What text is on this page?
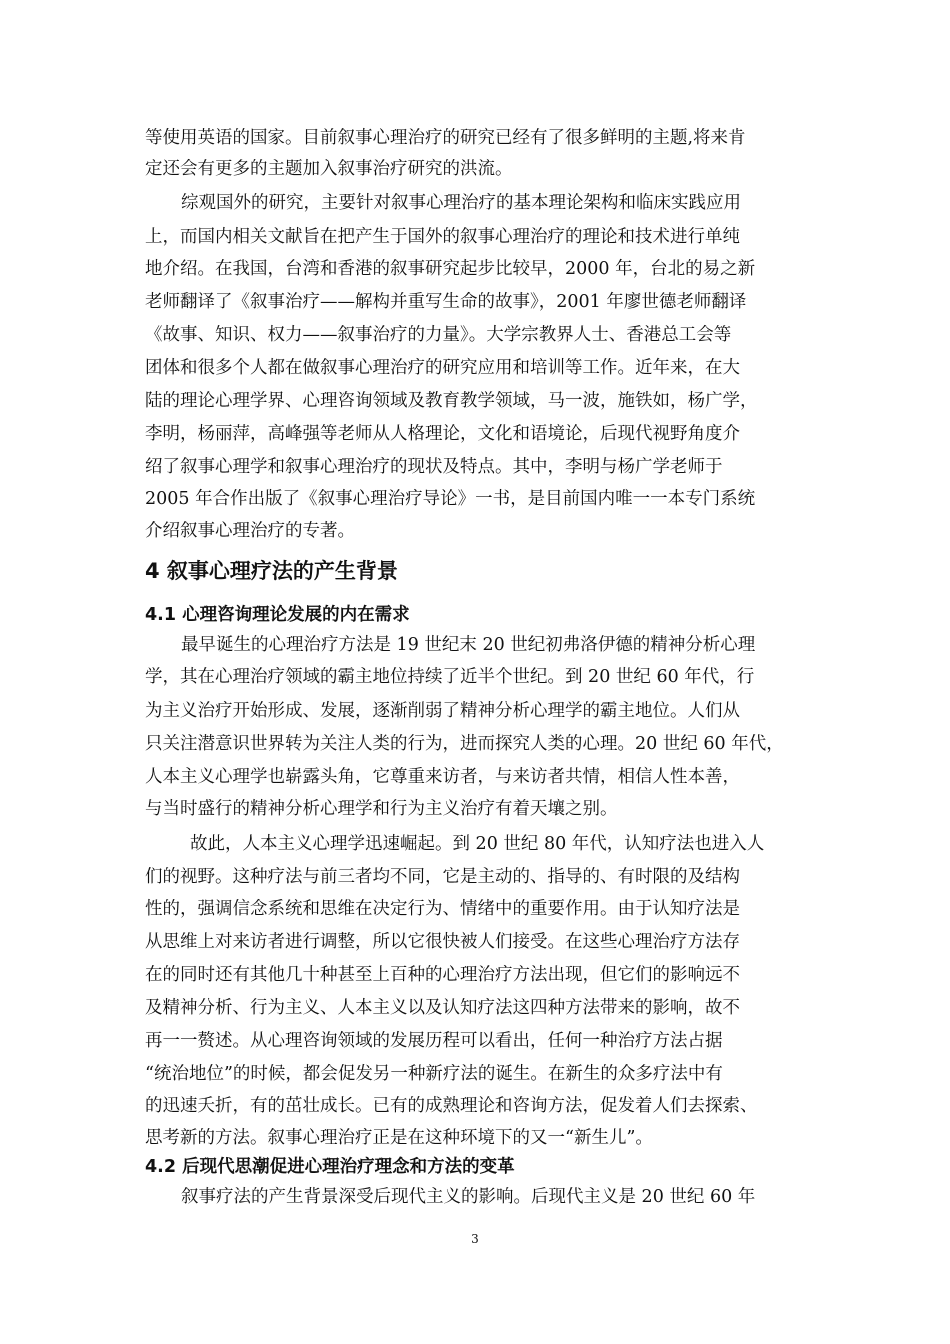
等使用英语的国家。目前叙事心理治疗的研究已经有了很多鲜明的主题,将来肯
定还会有更多的主题加入叙事治疗研究的洪流。
综观国外的研究，主要针对叙事心理治疗的基本理论架构和临床实践应用
上，而国内相关文献旨在把产生于国外的叙事心理治疗的理论和技术进行单纯
地介绍。在我国，台湾和香港的叙事研究起步比较早，2000 年，台北的易之新
老师翻译了《叙事治疗——解构并重写生命的故事》，2001 年廖世德老师翻译
《故事、知识、权力——叙事治疗的力量》。大学宗教界人士、香港总工会等
团体和很多个人都在做叙事心理治疗的研究应用和培训等工作。近年来，在大
陆的理论心理学界、心理咨询领域及教育教学领域，马一波，施铁如，杨广学，
李明，杨丽萍，高峰强等老师从人格理论，文化和语境论，后现代视野角度介
绍了叙事心理学和叙事心理治疗的现状及特点。其中，李明与杨广学老师于
2005 年合作出版了《叙事心理治疗导论》一书，是目前国内唯一一本专门系统
介绍叙事心理治疗的专著。
4 叙事心理疗法的产生背景
4.1 心理咨询理论发展的内在需求
最早诞生的心理治疗方法是 19 世纪末 20 世纪初弗洛伊德的精神分析心理
学，其在心理治疗领域的霸主地位持续了近半个世纪。到 20 世纪 60 年代，行
为主义治疗开始形成、发展，逐渐削弱了精神分析心理学的霸主地位。人们从
只关注潜意识世界转为关注人类的行为，进而探究人类的心理。20 世纪 60 年代，
人本主义心理学也崭露头角，它尊重来访者，与来访者共情，相信人性本善，
与当时盛行的精神分析心理学和行为主义治疗有着天壤之别。
故此，人本主义心理学迅速崛起。到 20 世纪 80 年代，认知疗法也进入人
们的视野。这种疗法与前三者均不同，它是主动的、指导的、有时限的及结构
性的，强调信念系统和思维在决定行为、情绪中的重要作用。由于认知疗法是
从思维上对来访者进行调整，所以它很快被人们接受。在这些心理治疗方法存
在的同时还有其他几十种甚至上百种的心理治疗方法出现，但它们的影响远不
及精神分析、行为主义、人本主义以及认知疗法这四种方法带来的影响，故不
再一一赘述。从心理咨询领域的发展历程可以看出，任何一种治疗方法占据
“统治地位”的时候，都会促发另一种新疗法的诞生。在新生的众多疗法中有
的迅速夭折，有的茁壮成长。已有的成熟理论和咨询方法，促发着人们去探索、
思考新的方法。叙事心理治疗正是在这种环境下的又一“新生儿”。
4.2 后现代思潮促进心理治疗理念和方法的变革
叙事疗法的产生背景深受后现代主义的影响。后现代主义是 20 世纪 60 年
3
